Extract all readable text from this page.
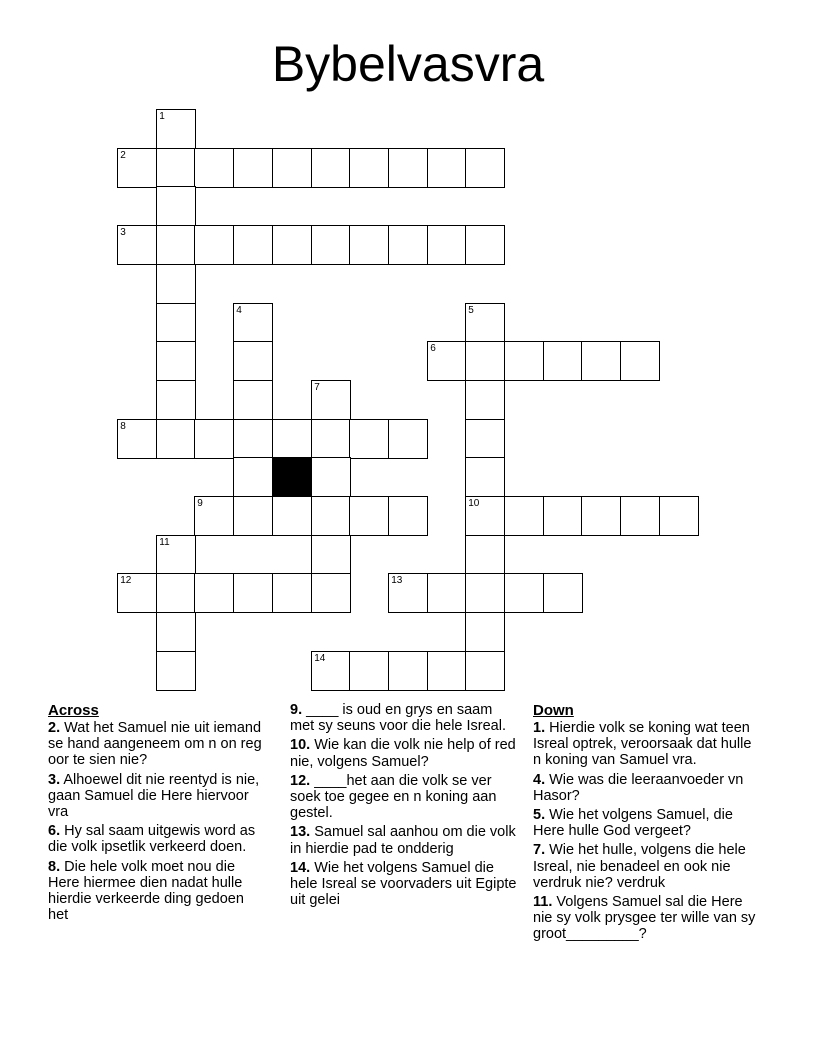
Bybelvasvra
1
2
3
4	5
6
7
8
9	10
11
12	13
14
Across
2. Wat het Samuel nie uit iemand se hand aangeneem om n on reg oor te sien nie?
3. Alhoewel dit nie reentyd is nie, gaan Samuel die Here hiervoor vra
6. Hy sal saam uitgewis word as die volk ipsetlik verkeerd doen.
8. Die hele volk moet nou die Here hiermee dien nadat hulle hierdie verkeerde ding gedoen het
9. ____ is oud en grys en saam met sy seuns voor die hele Isreal.
10. Wie kan die volk nie help of red nie, volgens Samuel?
12. ____het aan die volk se ver soek toe gegee en n koning aan gestel.
13. Samuel sal aanhou om die volk in hierdie pad te ondderig
14. Wie het volgens Samuel die hele Isreal se voorvaders uit Egipte uit gelei
Down
1. Hierdie volk se koning wat teen Isreal optrek, veroorsaak dat hulle n koning van Samuel vra.
4. Wie was die leeraanvoeder vn Hasor?
5. Wie het volgens Samuel, die Here hulle God vergeet?
7. Wie het hulle, volgens die hele Isreal, nie benadeel en ook nie verdruk nie? verdruk
11. Volgens Samuel sal die Here nie sy volk prysgee ter wille van sy groot_________?
